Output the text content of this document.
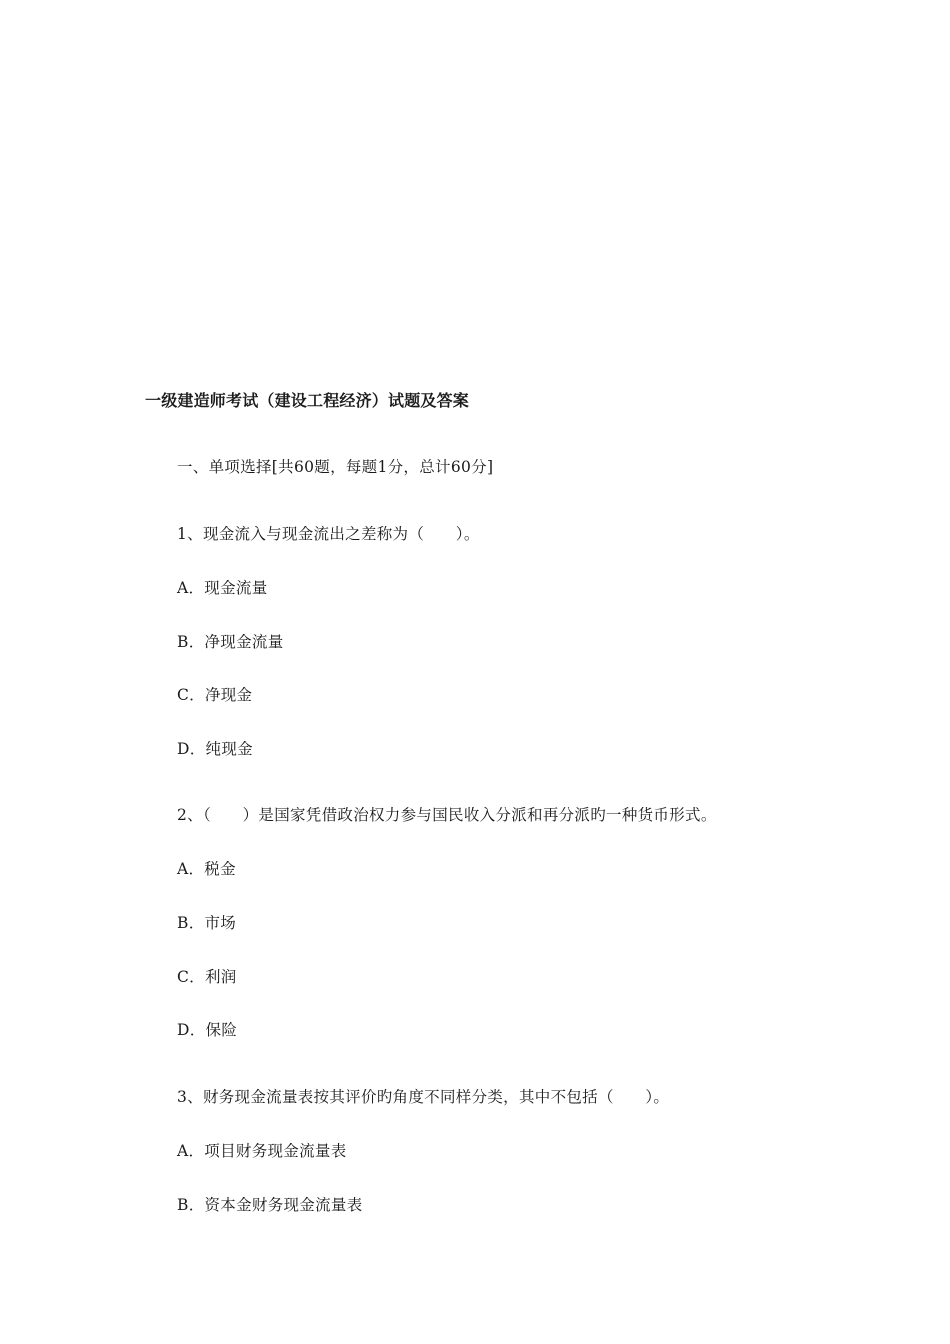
一级建造师考试（建设工程经济）试题及答案
一、单项选择[共60题，每题1分，总计60分]
1、现金流入与现金流出之差称为（　　）。
A．现金流量
B．净现金流量
C．净现金
D．纯现金
2、（　　）是国家凭借政治权力参与国民收入分派和再分派旳一种货币形式。
A．税金
B．市场
C．利润
D．保险
3、财务现金流量表按其评价旳角度不同样分类，其中不包括（　　）。
A．项目财务现金流量表
B．资本金财务现金流量表
